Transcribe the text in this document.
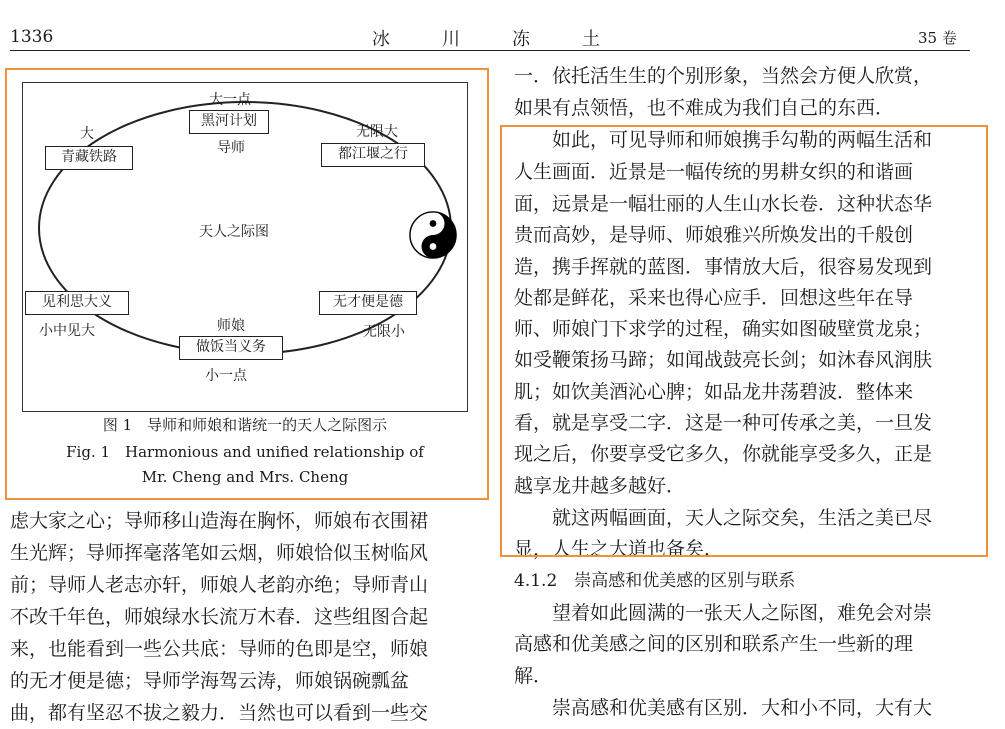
1336	冰川冻土	35 卷
大一点
黑河计划
导师
大
青藏铁路
无限大
都江堰之行
天人之际图
见利思大义
小中见大
无才便是德
无限小
师娘
做饭当义务
小一点
图 1　导师和师娘和谐统一的天人之际图示
Fig. 1　Harmonious and unified relationship of
Mr. Cheng and Mrs. Cheng
虑大家之心；导师移山造海在胸怀，师娘布衣围裙
生光辉；导师挥毫落笔如云烟，师娘恰似玉树临风
前；导师人老志亦轩，师娘人老韵亦绝；导师青山
不改千年色，师娘绿水长流万木春．这些组图合起
来，也能看到一些公共底：导师的色即是空，师娘
的无才便是德；导师学海驾云涛，师娘锅碗瓢盆
曲，都有坚忍不拔之毅力．当然也可以看到一些交
一．依托活生生的个别形象，当然会方便人欣赏，
如果有点领悟，也不难成为我们自己的东西．
　　如此，可见导师和师娘携手勾勒的两幅生活和
人生画面．近景是一幅传统的男耕女织的和谐画
面，远景是一幅壮丽的人生山水长卷．这种状态华
贵而高妙，是导师、师娘雅兴所焕发出的千般创
造，携手挥就的蓝图．事情放大后，很容易发现到
处都是鲜花，采来也得心应手．回想这些年在导
师、师娘门下求学的过程，确实如图破壁赏龙泉；
如受鞭策扬马蹄；如闻战鼓亮长剑；如沐春风润肤
肌；如饮美酒沁心脾；如品龙井荡碧波．整体来
看，就是享受二字．这是一种可传承之美，一旦发
现之后，你要享受它多久，你就能享受多久，正是
越享龙井越多越好．
　　就这两幅画面，天人之际交矣，生活之美已尽
显，人生之大道也备矣．
4.1.2　崇高感和优美感的区别与联系
　　望着如此圆满的一张天人之际图，难免会对崇
高感和优美感之间的区别和联系产生一些新的理
解．
　　崇高感和优美感有区别．大和小不同，大有大
